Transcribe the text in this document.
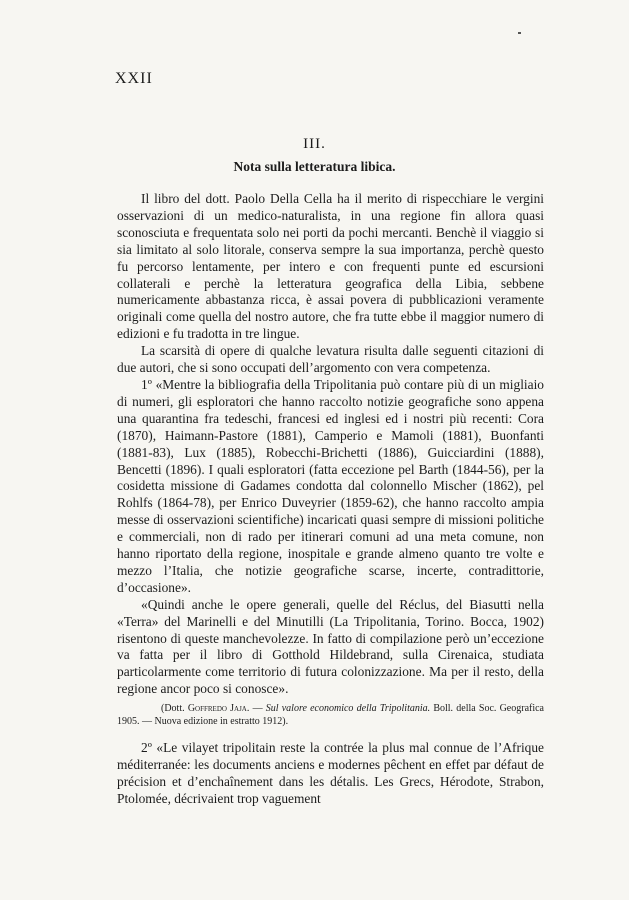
XXII
III.
Nota sulla letteratura libica.

Il libro del dott. Paolo Della Cella ha il merito di rispecchiare le vergini osservazioni di un medico-naturalista, in una regione fin allora quasi sconosciuta e frequentata solo nei porti da pochi mercanti. Benchè il viaggio si sia limitato al solo litorale, conserva sempre la sua importanza, perchè questo fu percorso lentamente, per intero e con frequenti punte ed escursioni collaterali e perchè la letteratura geografica della Libia, sebbene numericamente abbastanza ricca, è assai povera di pubblicazioni veramente originali come quella del nostro autore, che fra tutte ebbe il maggior numero di edizioni e fu tradotta in tre lingue.

La scarsità di opere di qualche levatura risulta dalle seguenti citazioni di due autori, che si sono occupati dell’argomento con vera competenza.

1º «Mentre la bibliografia della Tripolitania può contare più di un migliaio di numeri, gli esploratori che hanno raccolto notizie geografiche sono appena una quarantina fra tedeschi, francesi ed inglesi ed i nostri più recenti: Cora (1870), Haimann-Pastore (1881), Camperio e Mamoli (1881), Buonfanti (1881-83), Lux (1885), Robecchi-Brichetti (1886), Guicciardini (1888), Bencetti (1896). I quali esploratori (fatta eccezione pel Barth (1844-56), per la cosidetta missione di Gadames condotta dal colonnello Mischer (1862), pel Rohlfs (1864-78), per Enrico Duveyrier (1859-62), che hanno raccolto ampia messe di osservazioni scientifiche) incaricati quasi sempre di missioni politiche e commerciali, non di rado per itinerari comuni ad una meta comune, non hanno riportato della regione, inospitale e grande almeno quanto tre volte e mezzo l’Italia, che notizie geografiche scarse, incerte, contradittorie, d’occasione».

«Quindi anche le opere generali, quelle del Réclus, del Biasutti nella «Terra» del Marinelli e del Minutilli (La Tripolitania, Torino. Bocca, 1902) risentono di queste manchevolezze. In fatto di compilazione però un’eccezione va fatta per il libro di Gotthold Hildebrand, sulla Cirenaica, studiata particolarmente come territorio di futura colonizzazione. Ma per il resto, della regione ancor poco si conosce».

(Dott. Goffredo Jaja. — Sul valore economico della Tripolitania. Boll. della Soc. Geografica 1905. — Nuova edizione in estratto 1912).

2º «Le vilayet tripolitain reste la contrée la plus mal connue de l’Afrique méditerranée: les documents anciens e modernes pêchent en effet par défaut de précision et d’enchaînement dans les détalis. Les Grecs, Hérodote, Strabon, Ptolomée, décrivaient trop vaguement
